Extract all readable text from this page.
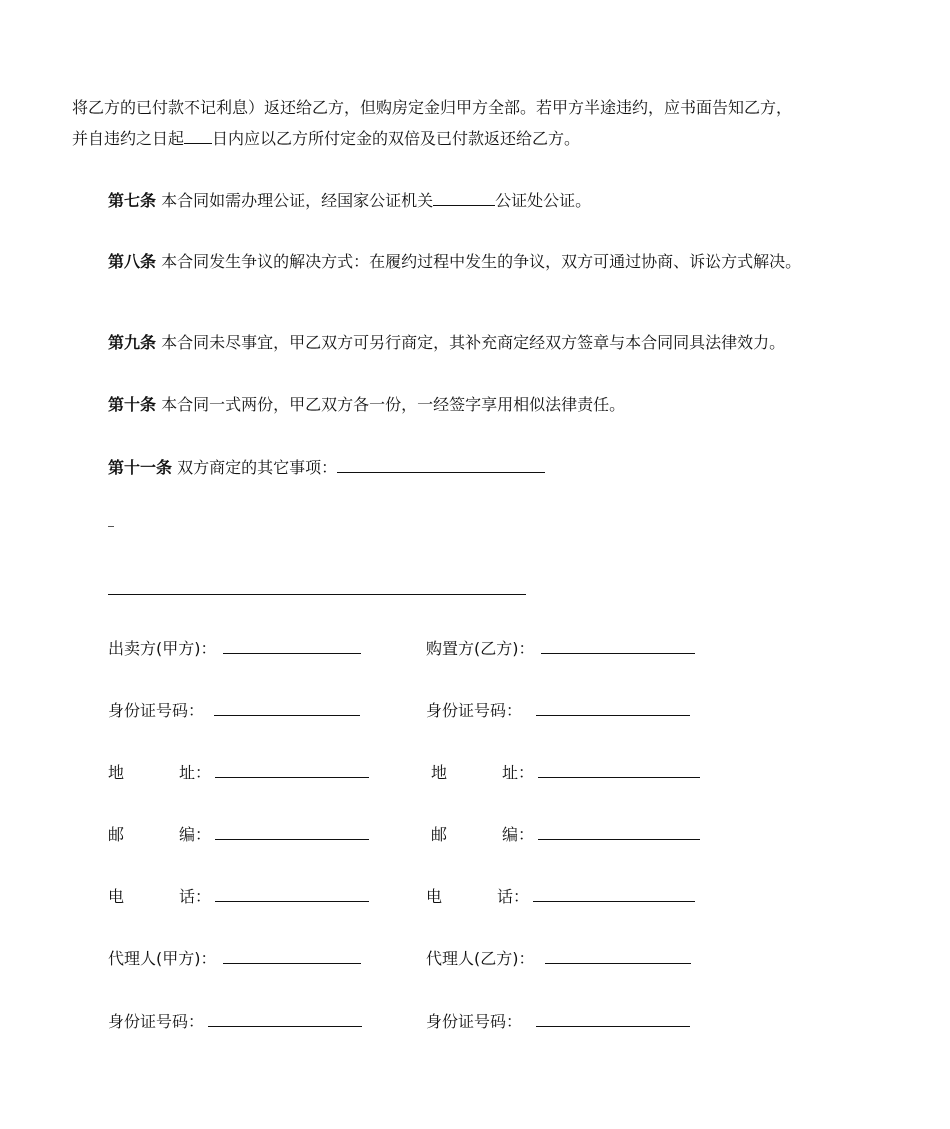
将乙方的已付款不记利息）返还给乙方，但购房定金归甲方全部。若甲方半途违约，应书面告知乙方，
并自违约之日起 日内应以乙方所付定金的双倍及已付款返还给乙方。
第七条 本合同如需办理公证，经国家公证机关	公证处公证。
第八条 本合同发生争议的解决方式：在履约过程中发生的争议，双方可通过协商、诉讼方式解决。
第九条 本合同未尽事宜，甲乙双方可另行商定，其补充商定经双方签章与本合同同具法律效力。
第十条 本合同一式两份，甲乙双方各一份，一经签字享用相似法律责任。
第十一条 双方商定的其它事项：
出卖方(甲方)：	购置方(乙方)：
身份证号码：	身份证号码：
地	址：	地	址：
邮	编：	邮	编：
电	话：	电	话：
代理人(甲方)：	代理人(乙方)：
身份证号码：	身份证号码：
